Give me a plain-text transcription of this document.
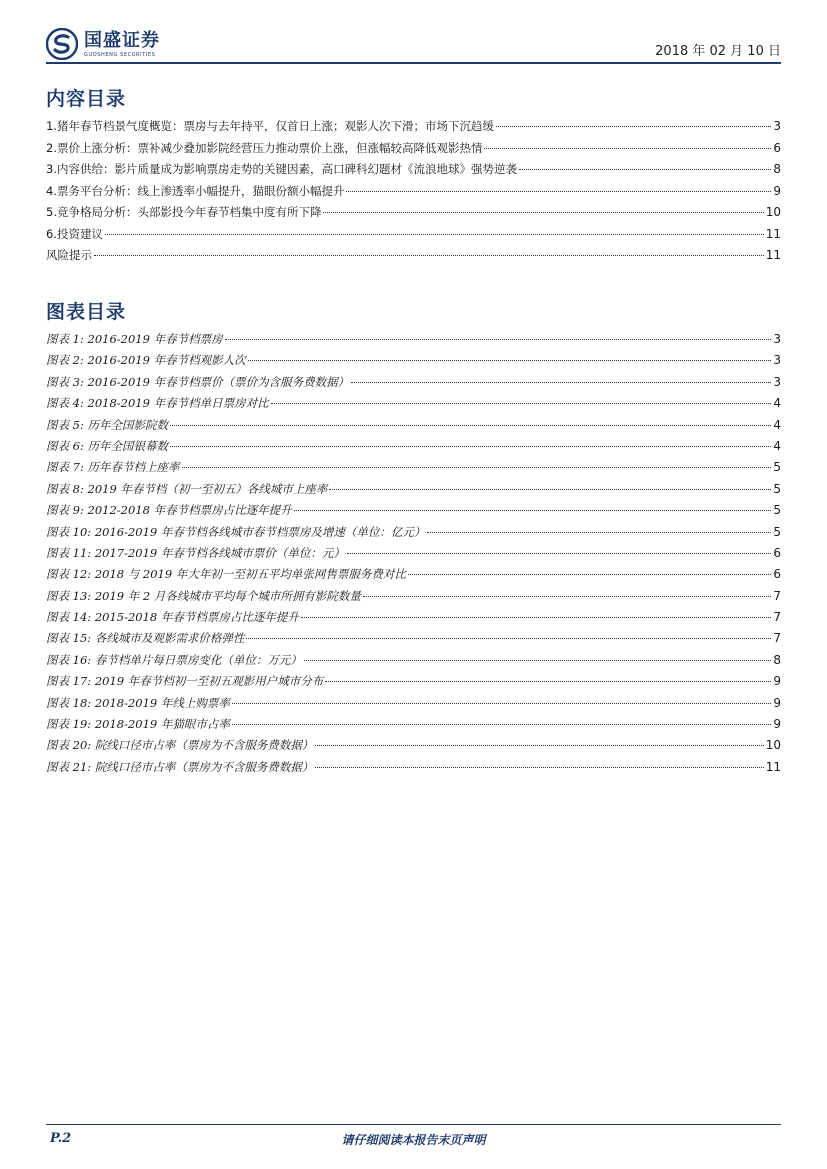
国盛证券
GUOSHENG SECURITIES	2018 年 02 月 10 日
内容目录
1.猪年春节档景气度概览：票房与去年持平，仅首日上涨；观影人次下滑；市场下沉趋缓	3
2.票价上涨分析：票补减少叠加影院经营压力推动票价上涨，但涨幅较高降低观影热情	6
3.内容供给：影片质量成为影响票房走势的关键因素，高口碑科幻题材《流浪地球》强势逆袭	8
4.票务平台分析：线上渗透率小幅提升，猫眼份额小幅提升	9
5.竞争格局分析：头部影投今年春节档集中度有所下降	10
6.投资建议	11
风险提示	11
图表目录
图表 1: 2016-2019 年春节档票房	3
图表 2: 2016-2019 年春节档观影人次	3
图表 3: 2016-2019 年春节档票价（票价为含服务费数据）	3
图表 4: 2018-2019 年春节档单日票房对比	4
图表 5: 历年全国影院数	4
图表 6: 历年全国银幕数	4
图表 7: 历年春节档上座率	5
图表 8: 2019 年春节档（初一至初五）各线城市上座率	5
图表 9: 2012-2018 年春节档票房占比逐年提升	5
图表 10: 2016-2019 年春节档各线城市春节档票房及增速（单位：亿元）	5
图表 11: 2017-2019 年春节档各线城市票价（单位：元）	6
图表 12: 2018 与 2019 年大年初一至初五平均单张网售票服务费对比	6
图表 13: 2019 年 2 月各线城市平均每个城市所拥有影院数量	7
图表 14: 2015-2018 年春节档票房占比逐年提升	7
图表 15: 各线城市及观影需求价格弹性	7
图表 16: 春节档单片每日票房变化（单位：万元）	8
图表 17: 2019 年春节档初一至初五观影用户城市分布	9
图表 18: 2018-2019 年线上购票率	9
图表 19: 2018-2019 年猫眼市占率	9
图表 20: 院线口径市占率（票房为不含服务费数据）	10
图表 21: 院线口径市占率（票房为不含服务费数据）	11
P.2	请仔细阅读本报告末页声明
